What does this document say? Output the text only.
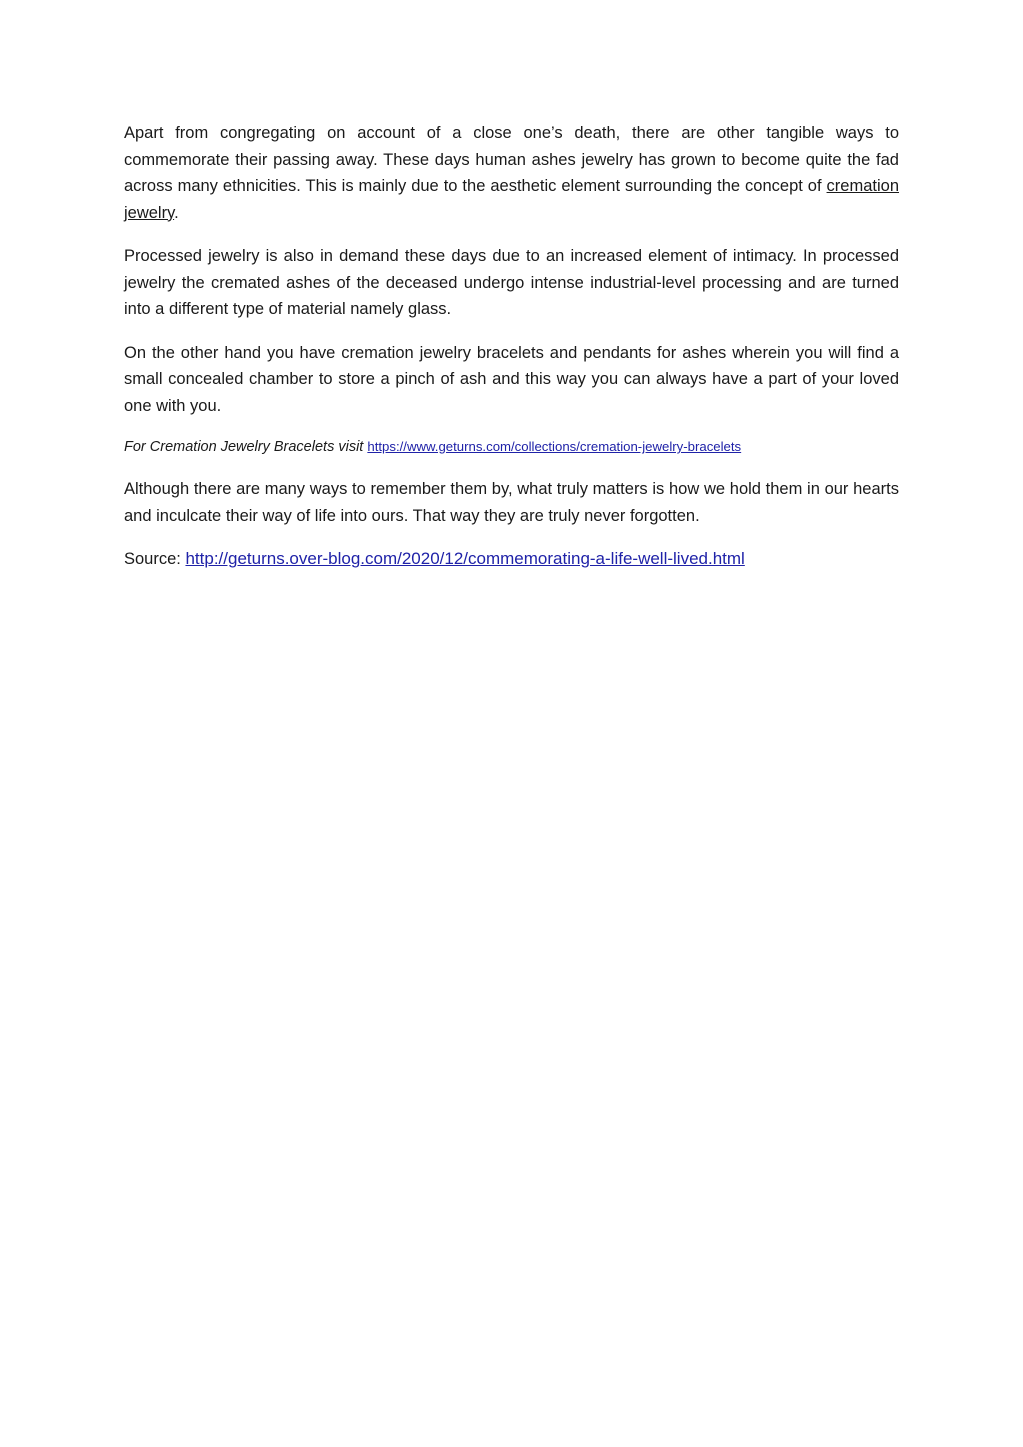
Apart from congregating on account of a close one’s death, there are other tangible ways to commemorate their passing away. These days human ashes jewelry has grown to become quite the fad across many ethnicities. This is mainly due to the aesthetic element surrounding the concept of cremation jewelry.

Processed jewelry is also in demand these days due to an increased element of intimacy. In processed jewelry the cremated ashes of the deceased undergo intense industrial-level processing and are turned into a different type of material namely glass.

On the other hand you have cremation jewelry bracelets and pendants for ashes wherein you will find a small concealed chamber to store a pinch of ash and this way you can always have a part of your loved one with you.

For Cremation Jewelry Bracelets visit https://www.geturns.com/collections/cremation-jewelry-bracelets

Although there are many ways to remember them by, what truly matters is how we hold them in our hearts and inculcate their way of life into ours. That way they are truly never forgotten.

Source: http://geturns.over-blog.com/2020/12/commemorating-a-life-well-lived.html
